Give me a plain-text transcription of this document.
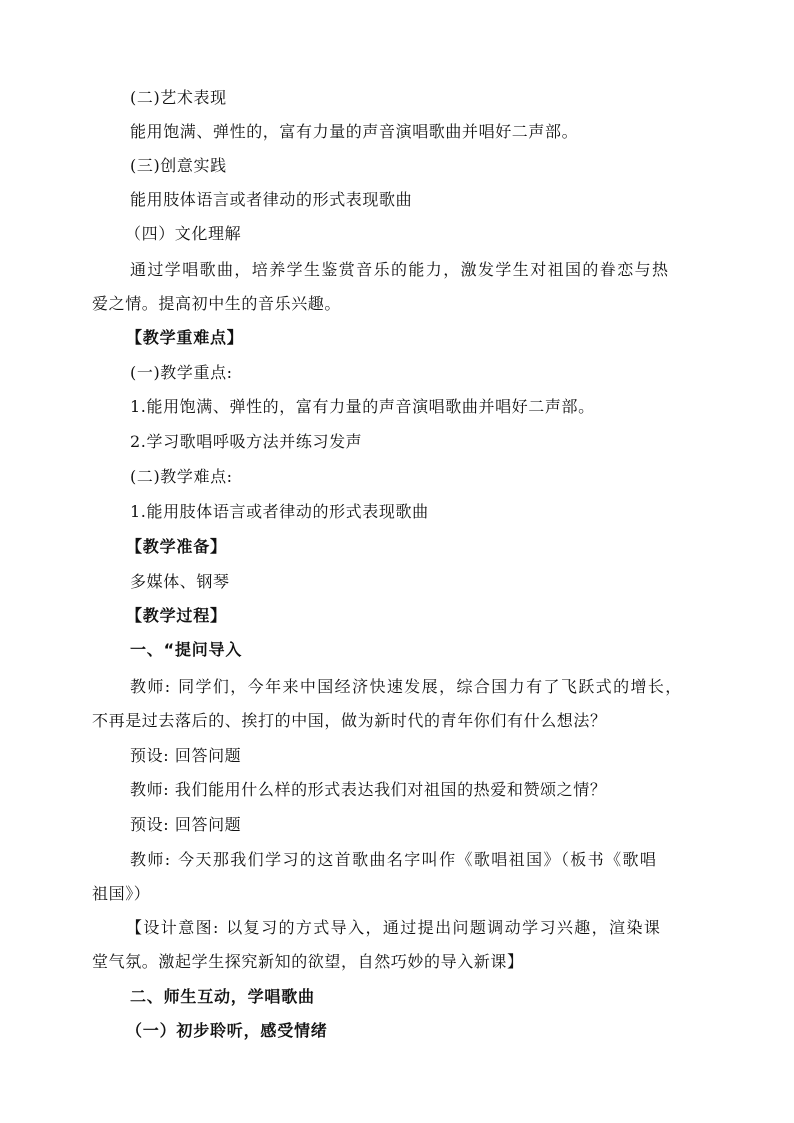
(二)艺术表现
能用饱满、弹性的，富有力量的声音演唱歌曲并唱好二声部。
(三)创意实践
能用肢体语言或者律动的形式表现歌曲
（四）文化理解
通过学唱歌曲，培养学生鉴赏音乐的能力，激发学生对祖国的眷恋与热
爱之情。提高初中生的音乐兴趣。
【教学重难点】
(一)教学重点:
1.能用饱满、弹性的，富有力量的声音演唱歌曲并唱好二声部。
2.学习歌唱呼吸方法并练习发声
(二)教学难点:
1.能用肢体语言或者律动的形式表现歌曲
【教学准备】
多媒体、钢琴
【教学过程】
一、“提问导入
教师: 同学们，今年来中国经济快速发展，综合国力有了飞跃式的增长，
不再是过去落后的、挨打的中国，做为新时代的青年你们有什么想法？
预设: 回答问题
教师: 我们能用什么样的形式表达我们对祖国的热爱和赞颂之情？
预设: 回答问题
教师: 今天那我们学习的这首歌曲名字叫作《歌唱祖国》（板书《歌唱
祖国》）
【设计意图: 以复习的方式导入，通过提出问题调动学习兴趣，渲染课
堂气氛。激起学生探究新知的欲望，自然巧妙的导入新课】
二、师生互动，学唱歌曲
（一）初步聆听，感受情绪
